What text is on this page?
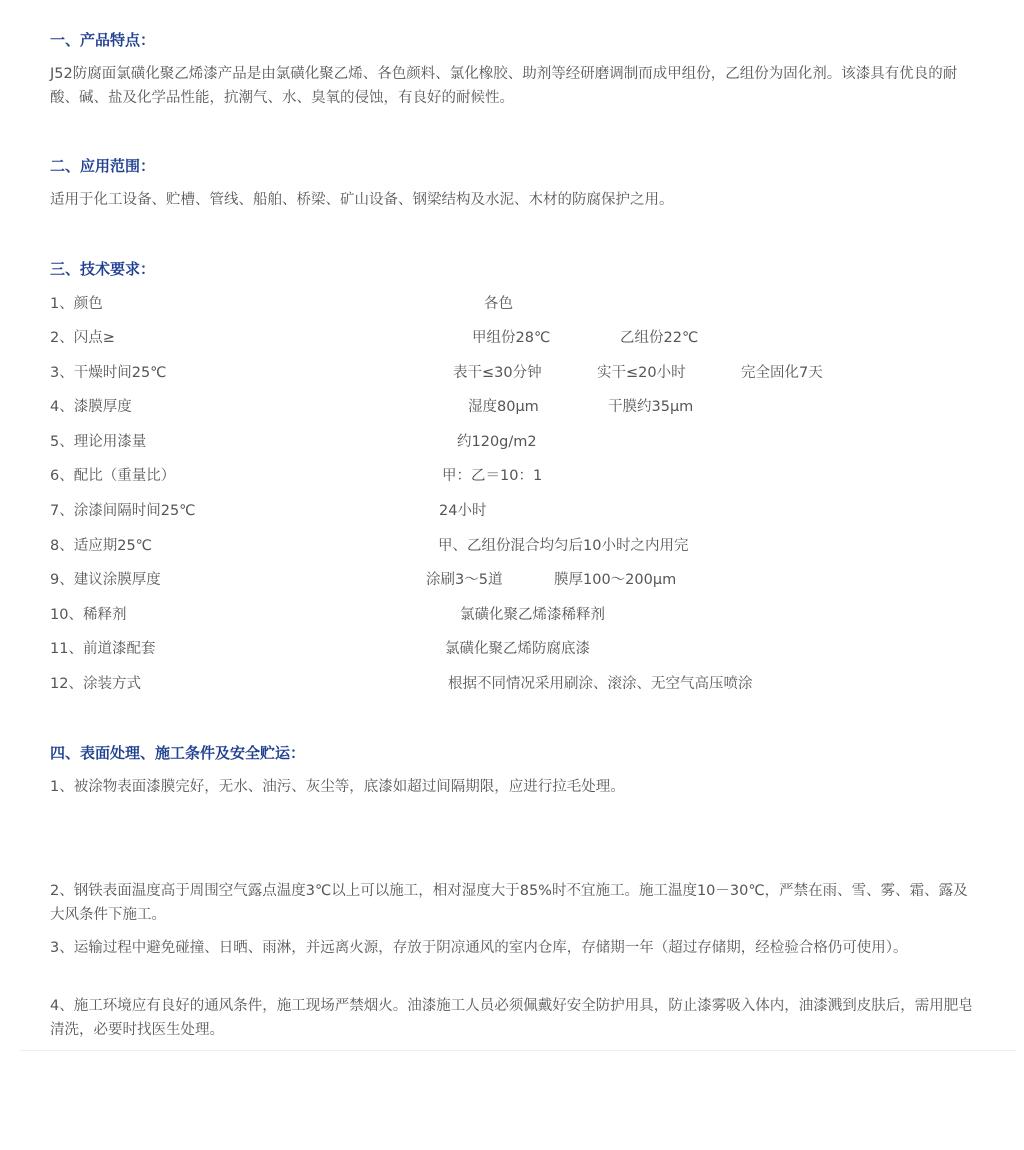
一、产品特点：
J52防腐面氯磺化聚乙烯漆产品是由氯磺化聚乙烯、各色颜料、氯化橡胶、助剂等经研磨调制而成甲组份，乙组份为固化剂。该漆具有优良的耐酸、碱、盐及化学品性能，抗潮气、水、臭氧的侵蚀，有良好的耐候性。
二、应用范围：
适用于化工设备、贮槽、管线、船舶、桥梁、矿山设备、钢梁结构及水泥、木材的防腐保护之用。
三、技术要求：
1、颜色	各色
2、闪点≥	甲组份28℃	乙组份22℃
3、干燥时间25℃	表干≤30分钟	实干≤20小时	完全固化7天
4、漆膜厚度	湿度80μm	干膜约35μm
5、理论用漆量	约120g/m2
6、配比（重量比）	甲：乙＝10：1
7、涂漆间隔时间25℃	24小时
8、适应期25℃	甲、乙组份混合均匀后10小时之内用完
9、建议涂膜厚度	涂刷3～5道	膜厚100～200μm
10、稀释剂	氯磺化聚乙烯漆稀释剂
11、前道漆配套	氯磺化聚乙烯防腐底漆
12、涂装方式	根据不同情况采用刷涂、滚涂、无空气高压喷涂
四、表面处理、施工条件及安全贮运：
1、被涂物表面漆膜完好，无水、油污、灰尘等，底漆如超过间隔期限，应进行拉毛处理。
2、钢铁表面温度高于周围空气露点温度3℃以上可以施工，相对湿度大于85%时不宜施工。施工温度10－30℃，严禁在雨、雪、雾、霜、露及大风条件下施工。
3、运输过程中避免碰撞、日晒、雨淋，并远离火源，存放于阴凉通风的室内仓库，存储期一年（超过存储期，经检验合格仍可使用）。
4、施工环境应有良好的通风条件，施工现场严禁烟火。油漆施工人员必须佩戴好安全防护用具，防止漆雾吸入体内，油漆溅到皮肤后，需用肥皂清洗，必要时找医生处理。
